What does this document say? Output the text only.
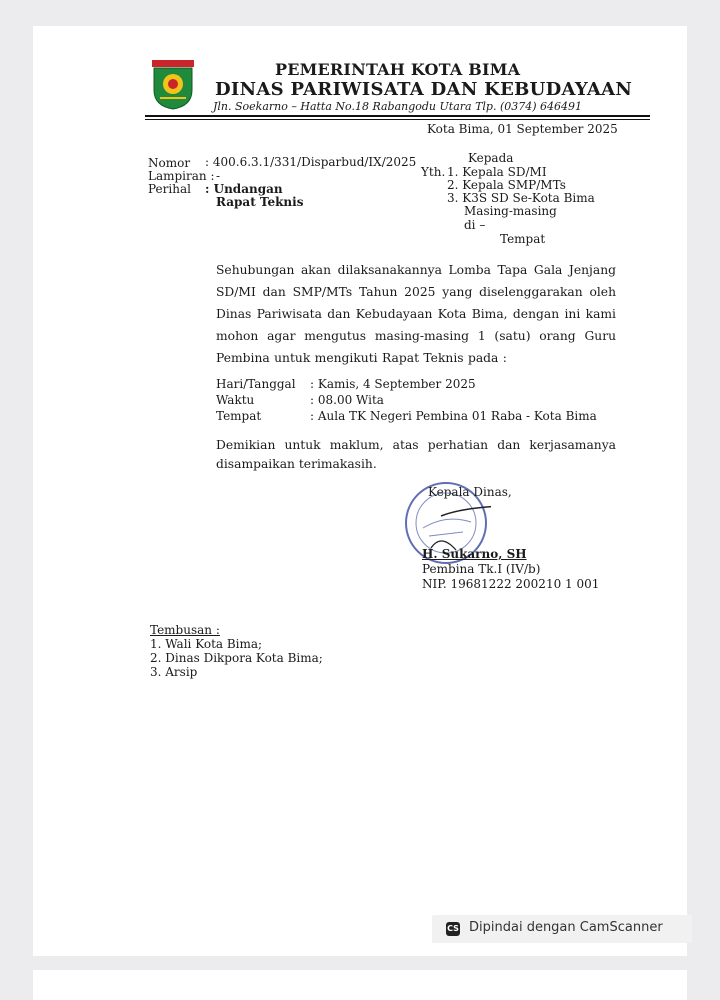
PEMERINTAH KOTA BIMA
DINAS PARIWISATA DAN KEBUDAYAAN
Jln. Soekarno – Hatta No.18 Rabangodu Utara Tlp. (0374) 646491
Kota Bima, 01 September 2025
Nomor : 400.6.3.1/331/Disparbud/IX/2025
Lampiran : -
Perihal : Undangan
Rapat Teknis
Kepada
Yth. 1. Kepala SD/MI
2. Kepala SMP/MTs
3. K3S SD Se-Kota Bima
Masing-masing
di –
Tempat
Sehubungan akan dilaksanakannya Lomba Tapa Gala Jenjang SD/MI dan SMP/MTs Tahun 2025 yang diselenggarakan oleh Dinas Pariwisata dan Kebudayaan Kota Bima, dengan ini kami mohon agar mengutus masing-masing 1 (satu) orang Guru Pembina untuk mengikuti Rapat Teknis pada :
Hari/Tanggal : Kamis, 4 September 2025
Waktu	: 08.00 Wita
Tempat	: Aula TK Negeri Pembina 01 Raba - Kota Bima
Demikian untuk maklum, atas perhatian dan kerjasamanya disampaikan terimakasih.
Kepala Dinas,
H. Sukarno, SH
Pembina Tk.I (IV/b)
NIP. 19681222 200210 1 001
Tembusan :
1. Wali Kota Bima;
2. Dinas Dikpora Kota Bima;
3. Arsip
CS Dipindai dengan CamScanner
